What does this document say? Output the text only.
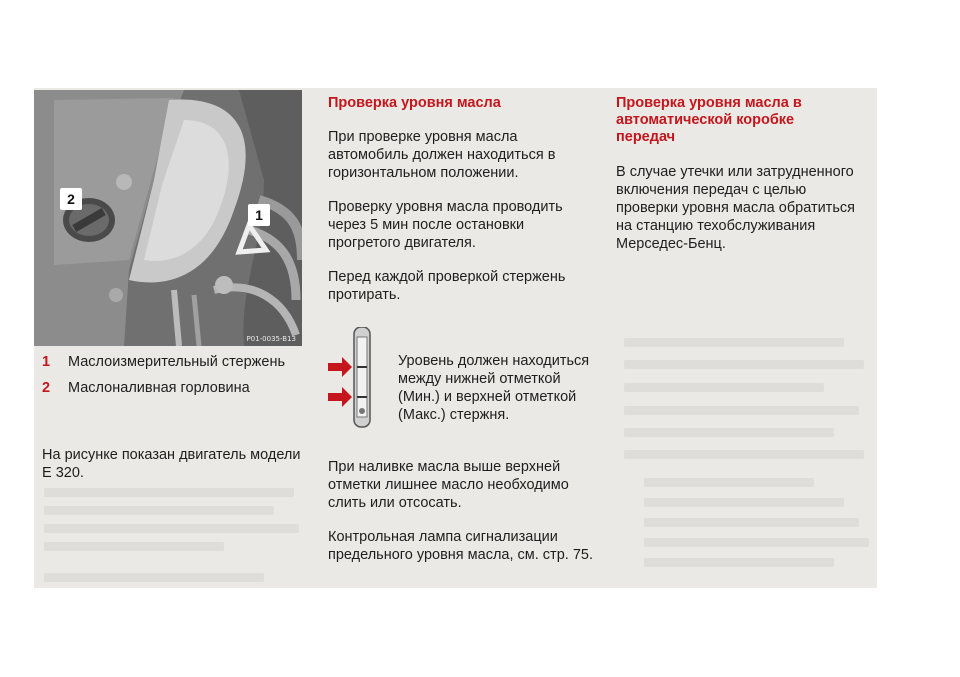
2
1
P01-0035-B13
1	Маслоизмерительный стержень
2	Маслоналивная горловина

На рисунке показан двигатель модели Е 320.

Проверка уровня масла

При проверке уровня масла автомобиль должен находиться в горизонтальном положении.

Проверку уровня масла проводить через 5 мин после остановки прогретого двигателя.

Перед каждой проверкой стержень протирать.

Уровень должен находиться между нижней отметкой (Мин.) и верхней отметкой (Макс.) стержня.

При наливке масла выше верхней отметки лишнее масло необходимо слить или отсосать.

Контрольная лампа сигнализации предельного уровня масла, см. стр. 75.

Проверка уровня масла в автоматической коробке передач

В случае утечки или затрудненного включения передач с целью проверки уровня масла обратиться на станцию техобслуживания Мерседес-Бенц.
